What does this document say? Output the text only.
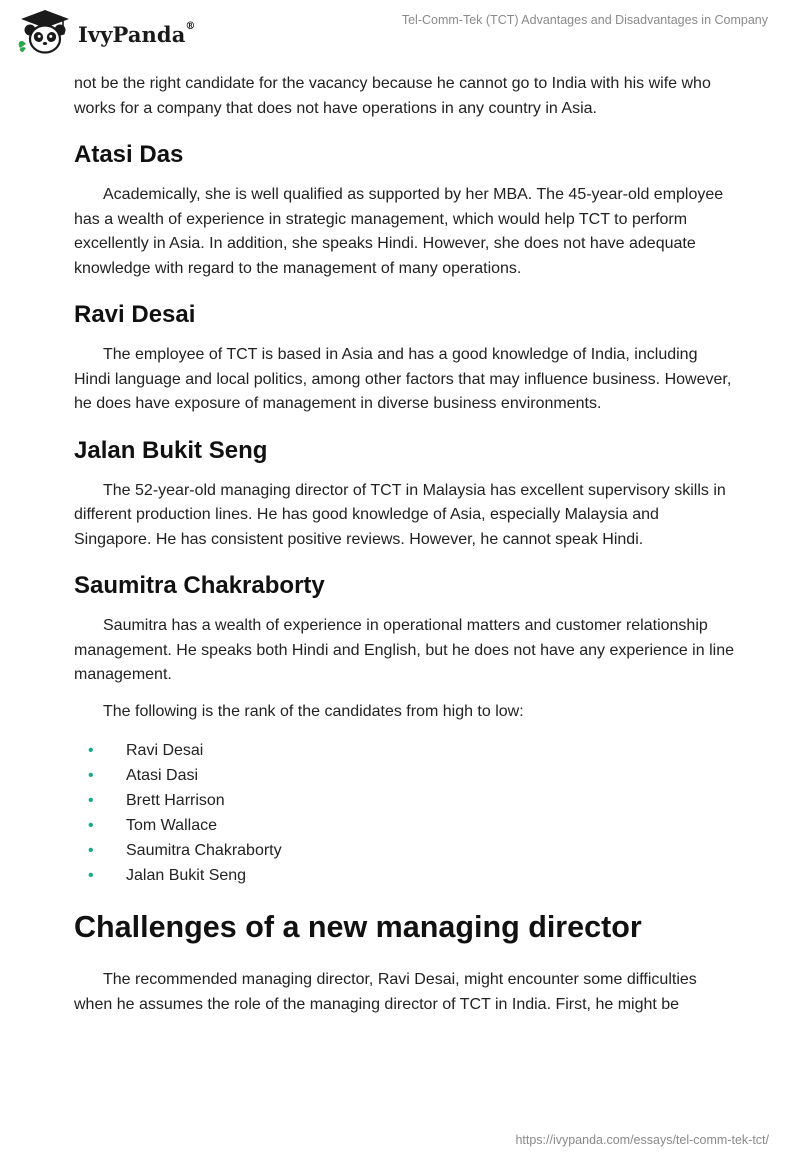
IvyPanda®	Tel-Comm-Tek (TCT) Advantages and Disadvantages in Company

not be the right candidate for the vacancy because he cannot go to India with his wife who works for a company that does not have operations in any country in Asia.

Atasi Das

Academically, she is well qualified as supported by her MBA. The 45-year-old employee has a wealth of experience in strategic management, which would help TCT to perform excellently in Asia. In addition, she speaks Hindi. However, she does not have adequate knowledge with regard to the management of many operations.

Ravi Desai

The employee of TCT is based in Asia and has a good knowledge of India, including Hindi language and local politics, among other factors that may influence business. However, he does have exposure of management in diverse business environments.

Jalan Bukit Seng

The 52-year-old managing director of TCT in Malaysia has excellent supervisory skills in different production lines. He has good knowledge of Asia, especially Malaysia and Singapore. He has consistent positive reviews. However, he cannot speak Hindi.

Saumitra Chakraborty

Saumitra has a wealth of experience in operational matters and customer relationship management. He speaks both Hindi and English, but he does not have any experience in line management.

The following is the rank of the candidates from high to low:

• Ravi Desai
• Atasi Dasi
• Brett Harrison
• Tom Wallace
• Saumitra Chakraborty
• Jalan Bukit Seng
Challenges of a new managing director

The recommended managing director, Ravi Desai, might encounter some difficulties when he assumes the role of the managing director of TCT in India. First, he might be

https://ivypanda.com/essays/tel-comm-tek-tct/
